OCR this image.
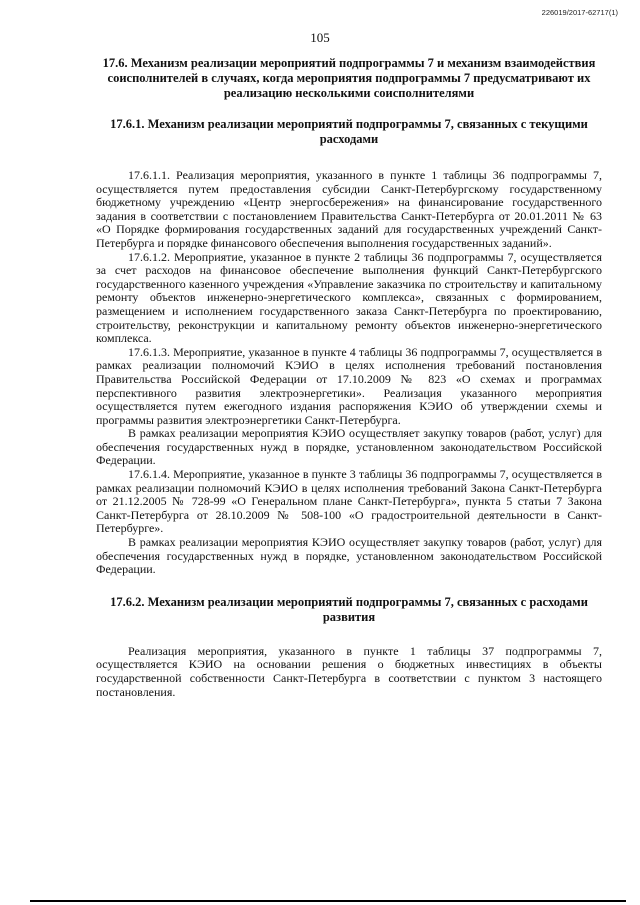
226019/2017-62717(1)
105

17.6. Механизм реализации мероприятий подпрограммы 7 и механизм взаимодействия соисполнителей в случаях, когда мероприятия подпрограммы 7 предусматривают их реализацию несколькими соисполнителями

17.6.1. Механизм реализации мероприятий подпрограммы 7, связанных с текущими расходами

17.6.1.1. Реализация мероприятия, указанного в пункте 1 таблицы 36 подпрограммы 7, осуществляется путем предоставления субсидии Санкт-Петербургскому государственному бюджетному учреждению «Центр энергосбережения» на финансирование государственного задания в соответствии с постановлением Правительства Санкт-Петербурга от 20.01.2011 № 63 «О Порядке формирования государственных заданий для государственных учреждений Санкт-Петербурга и порядке финансового обеспечения выполнения государственных заданий».

17.6.1.2. Мероприятие, указанное в пункте 2 таблицы 36 подпрограммы 7, осуществляется за счет расходов на финансовое обеспечение выполнения функций Санкт-Петербургского государственного казенного учреждения «Управление заказчика по строительству и капитальному ремонту объектов инженерно-энергетического комплекса», связанных с формированием, размещением и исполнением государственного заказа Санкт-Петербурга по проектированию, строительству, реконструкции и капитальному ремонту объектов инженерно-энергетического комплекса.

17.6.1.3. Мероприятие, указанное в пункте 4 таблицы 36 подпрограммы 7, осуществляется в рамках реализации полномочий КЭИО в целях исполнения требований постановления Правительства Российской Федерации от 17.10.2009 № 823 «О схемах и программах перспективного развития электроэнергетики». Реализация указанного мероприятия осуществляется путем ежегодного издания распоряжения КЭИО об утверждении схемы и программы развития электроэнергетики Санкт-Петербурга.

В рамках реализации мероприятия КЭИО осуществляет закупку товаров (работ, услуг) для обеспечения государственных нужд в порядке, установленном законодательством Российской Федерации.

17.6.1.4. Мероприятие, указанное в пункте 3 таблицы 36 подпрограммы 7, осуществляется в рамках реализации полномочий КЭИО в целях исполнения требований Закона Санкт-Петербурга от 21.12.2005 № 728-99 «О Генеральном плане Санкт-Петербурга», пункта 5 статьи 7 Закона Санкт-Петербурга от 28.10.2009 № 508-100 «О градостроительной деятельности в Санкт-Петербурге».

В рамках реализации мероприятия КЭИО осуществляет закупку товаров (работ, услуг) для обеспечения государственных нужд в порядке, установленном законодательством Российской Федерации.

17.6.2. Механизм реализации мероприятий подпрограммы 7, связанных с расходами развития

Реализация мероприятия, указанного в пункте 1 таблицы 37 подпрограммы 7, осуществляется КЭИО на основании решения о бюджетных инвестициях в объекты государственной собственности Санкт-Петербурга в соответствии с пунктом 3 настоящего постановления.
